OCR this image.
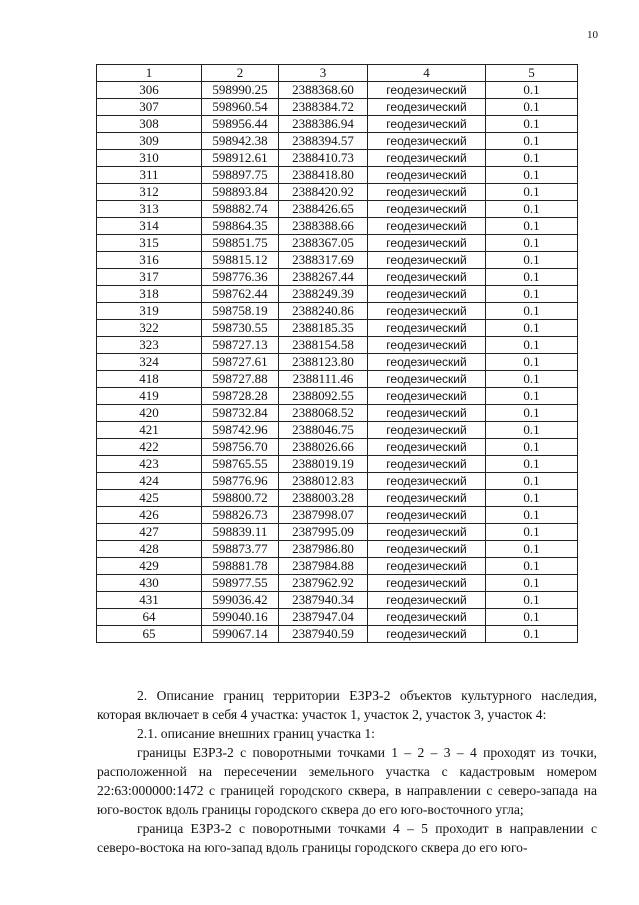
10
1	2	3	4	5
306	598990.25	2388368.60	геодезический	0.1
307	598960.54	2388384.72	геодезический	0.1
308	598956.44	2388386.94	геодезический	0.1
309	598942.38	2388394.57	геодезический	0.1
310	598912.61	2388410.73	геодезический	0.1
311	598897.75	2388418.80	геодезический	0.1
312	598893.84	2388420.92	геодезический	0.1
313	598882.74	2388426.65	геодезический	0.1
314	598864.35	2388388.66	геодезический	0.1
315	598851.75	2388367.05	геодезический	0.1
316	598815.12	2388317.69	геодезический	0.1
317	598776.36	2388267.44	геодезический	0.1
318	598762.44	2388249.39	геодезический	0.1
319	598758.19	2388240.86	геодезический	0.1
322	598730.55	2388185.35	геодезический	0.1
323	598727.13	2388154.58	геодезический	0.1
324	598727.61	2388123.80	геодезический	0.1
418	598727.88	2388111.46	геодезический	0.1
419	598728.28	2388092.55	геодезический	0.1
420	598732.84	2388068.52	геодезический	0.1
421	598742.96	2388046.75	геодезический	0.1
422	598756.70	2388026.66	геодезический	0.1
423	598765.55	2388019.19	геодезический	0.1
424	598776.96	2388012.83	геодезический	0.1
425	598800.72	2388003.28	геодезический	0.1
426	598826.73	2387998.07	геодезический	0.1
427	598839.11	2387995.09	геодезический	0.1
428	598873.77	2387986.80	геодезический	0.1
429	598881.78	2387984.88	геодезический	0.1
430	598977.55	2387962.92	геодезический	0.1
431	599036.42	2387940.34	геодезический	0.1
64	599040.16	2387947.04	геодезический	0.1
65	599067.14	2387940.59	геодезический	0.1

2. Описание границ территории ЕЗРЗ-2 объектов культурного наследия, которая включает в себя 4 участка: участок 1, участок 2, участок 3, участок 4:

2.1. описание внешних границ участка 1:

границы ЕЗРЗ-2 с поворотными точками 1 – 2 – 3 – 4 проходят из точки, расположенной на пересечении земельного участка с кадастровым номером 22:63:000000:1472 с границей городского сквера, в направлении с северо-запада на юго-восток вдоль границы городского сквера до его юго-восточного угла;

граница ЕЗРЗ-2 с поворотными точками 4 – 5 проходит в направлении с северо-востока на юго-запад вдоль границы городского сквера до его юго-
